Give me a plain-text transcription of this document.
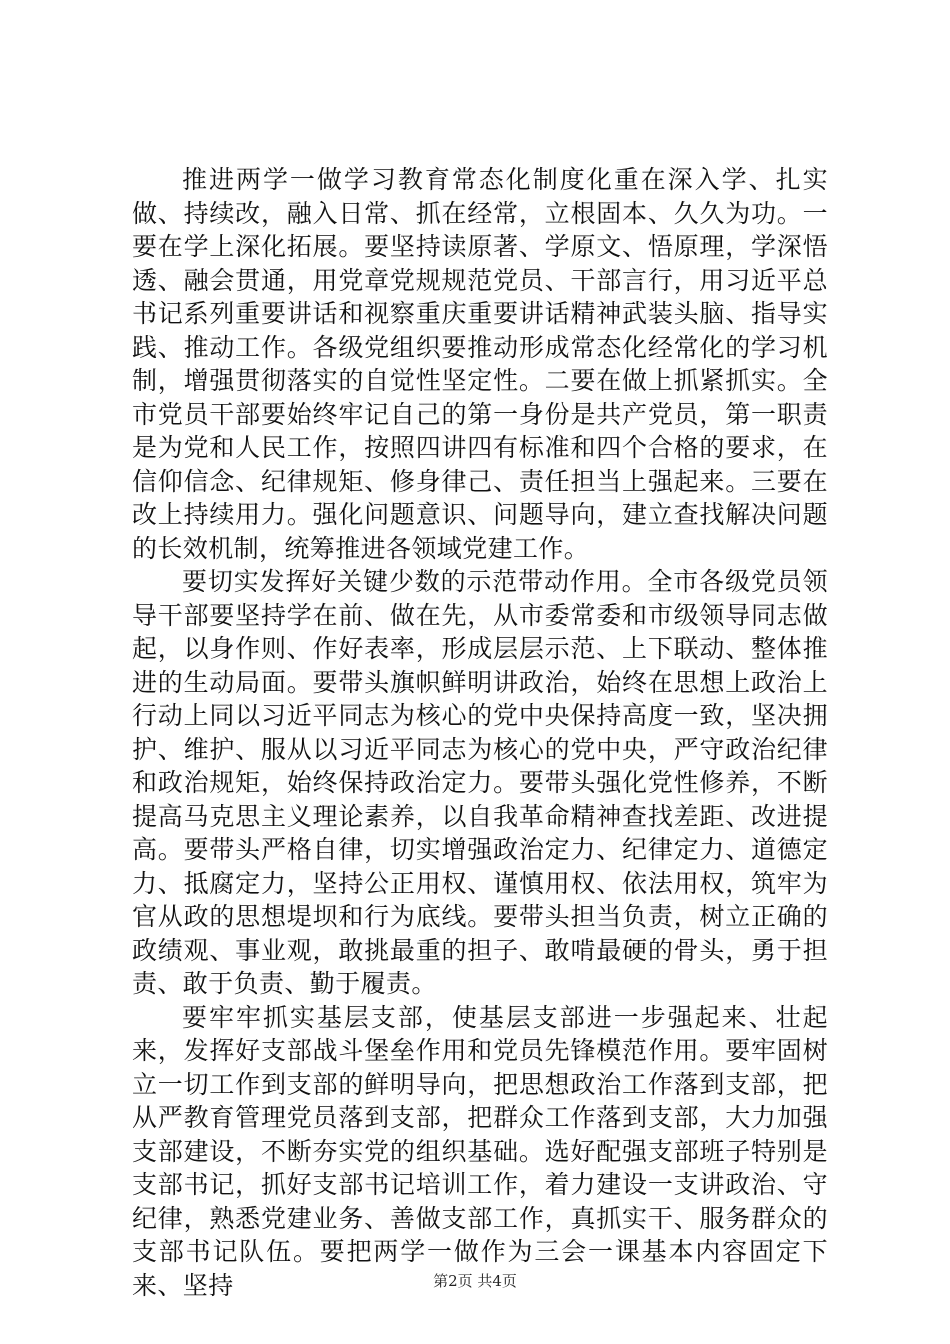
推进两学一做学习教育常态化制度化重在深入学、扎实做、持续改，融入日常、抓在经常，立根固本、久久为功。一要在学上深化拓展。要坚持读原著、学原文、悟原理，学深悟透、融会贯通，用党章党规规范党员、干部言行，用习近平总书记系列重要讲话和视察重庆重要讲话精神武装头脑、指导实践、推动工作。各级党组织要推动形成常态化经常化的学习机制，增强贯彻落实的自觉性坚定性。二要在做上抓紧抓实。全市党员干部要始终牢记自己的第一身份是共产党员，第一职责是为党和人民工作，按照四讲四有标准和四个合格的要求，在信仰信念、纪律规矩、修身律己、责任担当上强起来。三要在改上持续用力。强化问题意识、问题导向，建立查找解决问题的长效机制，统筹推进各领域党建工作。

要切实发挥好关键少数的示范带动作用。全市各级党员领导干部要坚持学在前、做在先，从市委常委和市级领导同志做起，以身作则、作好表率，形成层层示范、上下联动、整体推进的生动局面。要带头旗帜鲜明讲政治，始终在思想上政治上行动上同以习近平同志为核心的党中央保持高度一致，坚决拥护、维护、服从以习近平同志为核心的党中央，严守政治纪律和政治规矩，始终保持政治定力。要带头强化党性修养，不断提高马克思主义理论素养，以自我革命精神查找差距、改进提高。要带头严格自律，切实增强政治定力、纪律定力、道德定力、抵腐定力，坚持公正用权、谨慎用权、依法用权，筑牢为官从政的思想堤坝和行为底线。要带头担当负责，树立正确的政绩观、事业观，敢挑最重的担子、敢啃最硬的骨头，勇于担责、敢于负责、勤于履责。

要牢牢抓实基层支部，使基层支部进一步强起来、壮起来，发挥好支部战斗堡垒作用和党员先锋模范作用。要牢固树立一切工作到支部的鲜明导向，把思想政治工作落到支部，把从严教育管理党员落到支部，把群众工作落到支部，大力加强支部建设，不断夯实党的组织基础。选好配强支部班子特别是支部书记，抓好支部书记培训工作，着力建设一支讲政治、守纪律，熟悉党建业务、善做支部工作，真抓实干、服务群众的支部书记队伍。要把两学一做作为三会一课基本内容固定下来、坚持	第2页 共4页
